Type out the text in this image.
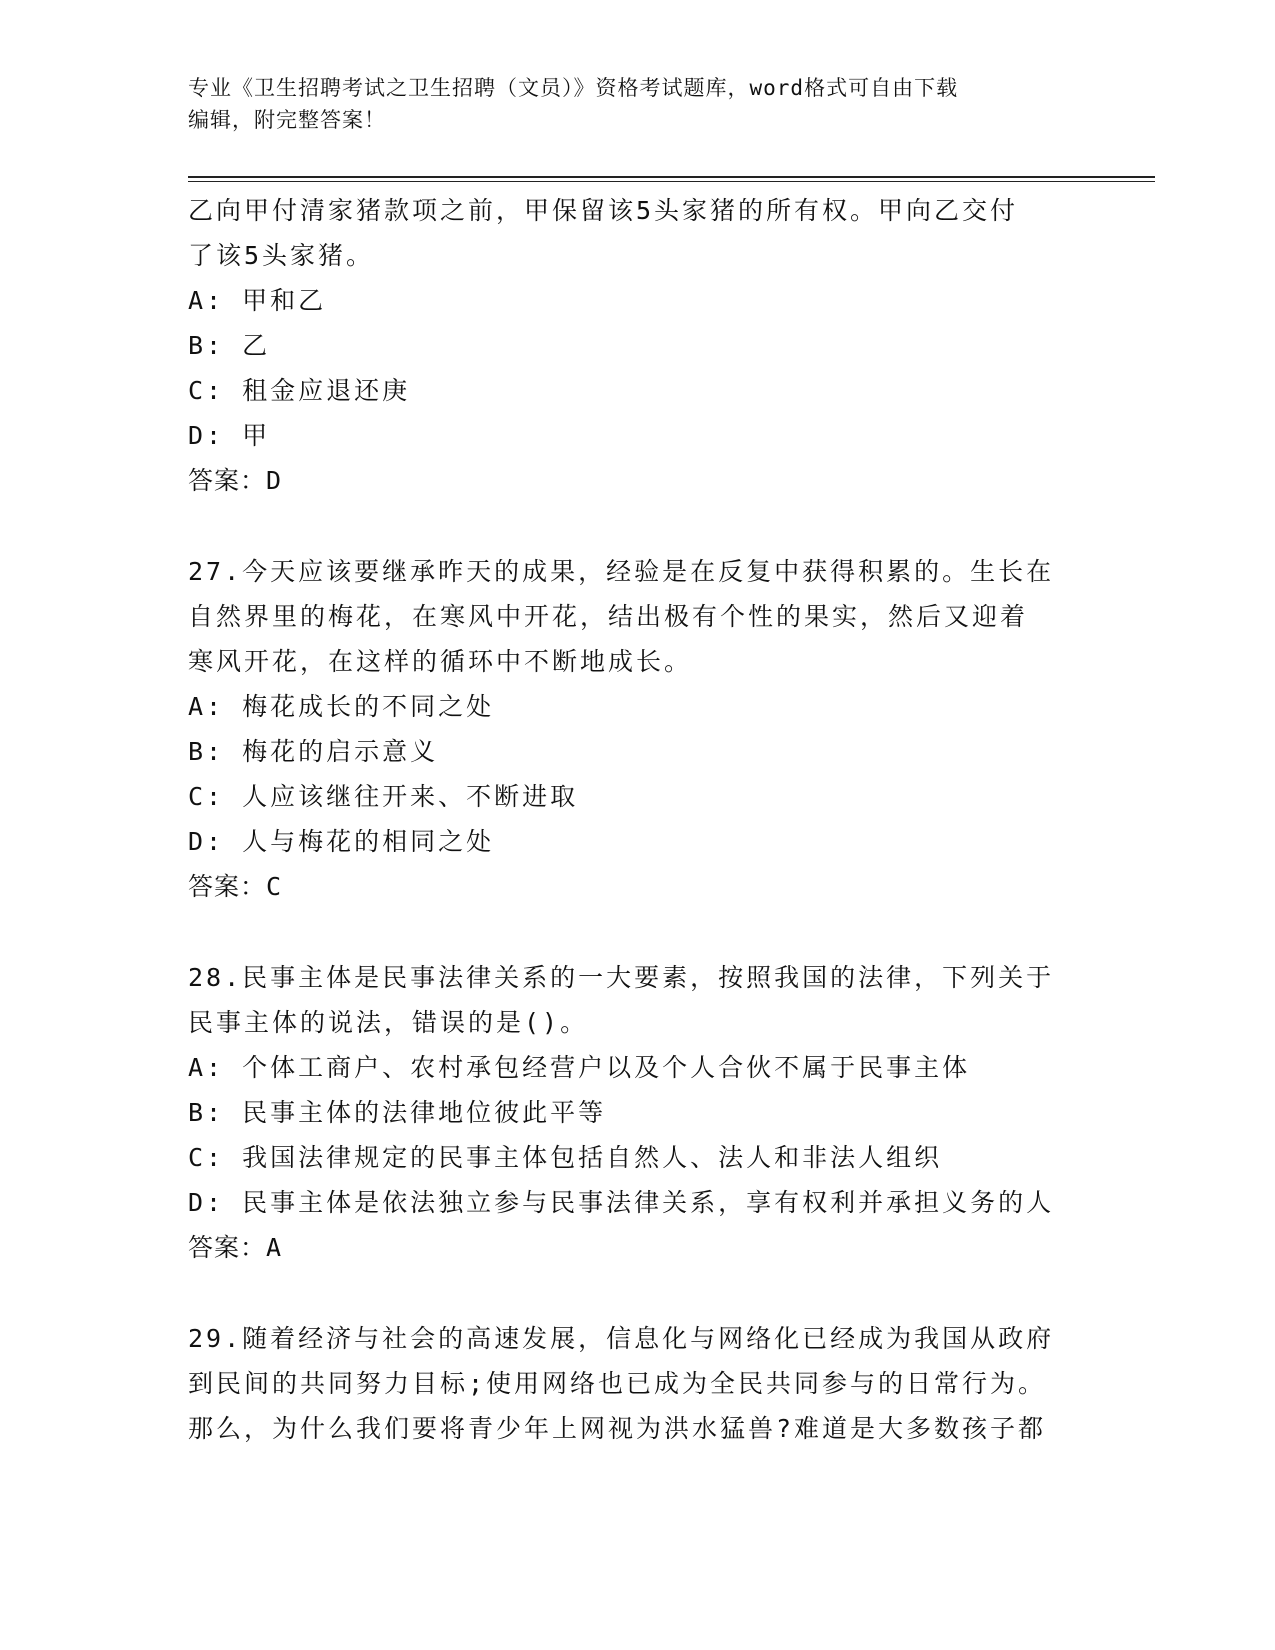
专业《卫生招聘考试之卫生招聘（文员）》资格考试题库，word格式可自由下载
编辑，附完整答案！
乙向甲付清家猪款项之前，甲保留该5头家猪的所有权。甲向乙交付
了该5头家猪。
A: 甲和乙
B: 乙
C: 租金应退还庚
D: 甲
答案：D
27.今天应该要继承昨天的成果，经验是在反复中获得积累的。生长在
自然界里的梅花，在寒风中开花，结出极有个性的果实，然后又迎着
寒风开花，在这样的循环中不断地成长。
A: 梅花成长的不同之处
B: 梅花的启示意义
C: 人应该继往开来、不断进取
D: 人与梅花的相同之处
答案：C
28.民事主体是民事法律关系的一大要素，按照我国的法律，下列关于
民事主体的说法，错误的是()。
A: 个体工商户、农村承包经营户以及个人合伙不属于民事主体
B: 民事主体的法律地位彼此平等
C: 我国法律规定的民事主体包括自然人、法人和非法人组织
D: 民事主体是依法独立参与民事法律关系，享有权利并承担义务的人
答案：A
29.随着经济与社会的高速发展，信息化与网络化已经成为我国从政府
到民间的共同努力目标;使用网络也已成为全民共同参与的日常行为。
那么，为什么我们要将青少年上网视为洪水猛兽?难道是大多数孩子都
